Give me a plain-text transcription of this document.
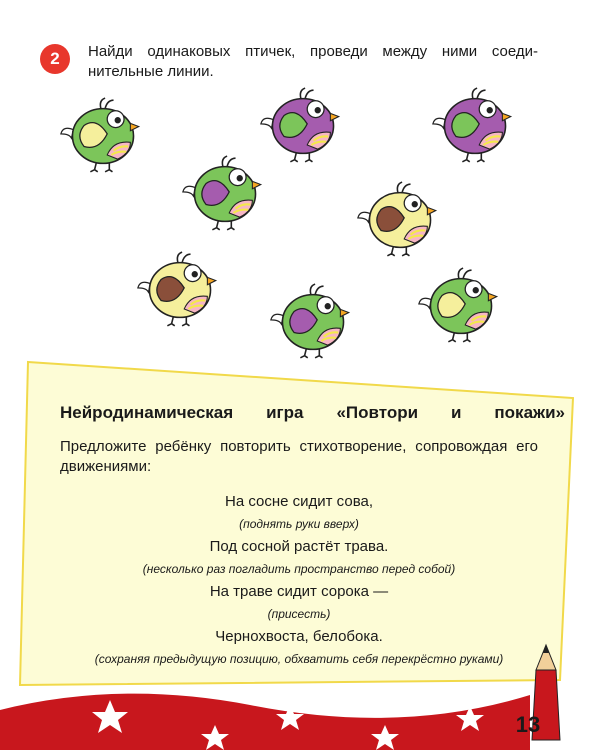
2	Найди одинаковых птичек, проведи между ними соеди-нительные линии.
Нейродинамическая игра «Повтори и покажи»
Предложите ребёнку повторить стихотворение, сопровождая его движениями:
На сосне сидит сова,
(поднять руки вверх)
Под сосной растёт трава.
(несколько раз погладить пространство перед собой)
На траве сидит сорока —
(присесть)
Чернохвоста, белобока.
(сохраняя предыдущую позицию, обхватить себя перекрёстно руками)
13
